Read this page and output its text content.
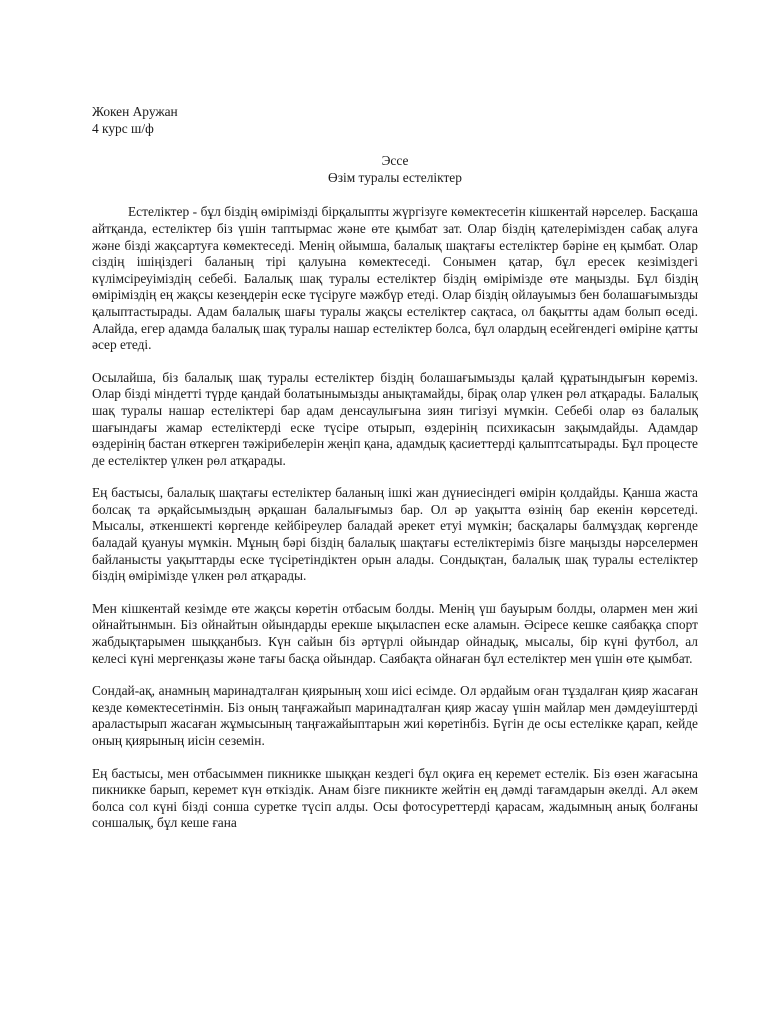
Жокен Аружан

4 курс ш/ф

Эссе

Өзім туралы естеліктер

Естеліктер - бұл біздің өмірімізді бірқалыпты жүргізуге көмектесетін кішкентай нәрселер. Басқаша айтқанда, естеліктер біз үшін таптырмас және өте қымбат зат. Олар біздің қателерімізден сабақ алуға және бізді жақсартуға көмектеседі. Менің ойымша, балалық шақтағы естеліктер бәріне ең қымбат. Олар сіздің ішіңіздегі баланың тірі қалуына көмектеседі. Сонымен қатар, бұл ересек кезіміздегі күлімсіреуіміздің себебі. Балалық шақ туралы естеліктер біздің өмірімізде өте маңызды. Бұл біздің өміріміздің ең жақсы кезеңдерін еске түсіруге мәжбүр етеді. Олар біздің ойлауымыз бен болашағымызды қалыптастырады. Адам балалық шағы туралы жақсы естеліктер сақтаса, ол бақытты адам болып өседі. Алайда, егер адамда балалық шақ туралы нашар естеліктер болса, бұл олардың есейгендегі өміріне қатты әсер етеді.

Осылайша, біз балалық шақ туралы естеліктер біздің болашағымызды қалай құратындығын көреміз. Олар бізді міндетті түрде қандай болатынымызды анықтамайды, бірақ олар үлкен рөл атқарады. Балалық шақ туралы нашар естеліктері бар адам денсаулығына зиян тигізуі мүмкін. Себебі олар өз балалық шағындағы жамар естеліктерді еске түсіре отырып, өздерінің психикасын зақымдайды. Адамдар өздерінің бастан өткерген тәжірибелерін жеңіп қана, адамдық қасиеттерді қалыптсатырады. Бұл процесте де естеліктер үлкен рөл атқарады.

Ең бастысы, балалық шақтағы естеліктер баланың ішкі жан дүниесіндегі өмірін қолдайды. Қанша жаста болсақ та әрқайсымыздың әрқашан балалығымыз бар. Ол әр уақытта өзінің бар екенін көрсетеді. Мысалы, әткеншекті көргенде кейбіреулер баладай әрекет етуі мүмкін; басқалары балмұздақ көргенде баладай қуануы мүмкін. Мұның бәрі біздің балалық шақтағы естеліктеріміз бізге маңызды нәрселермен байланысты уақыттарды еске түсіретіндіктен орын алады. Сондықтан, балалық шақ туралы естеліктер біздің өмірімізде үлкен рөл атқарады.

Мен кішкентай кезімде өте жақсы көретін отбасым болды. Менің үш бауырым болды, олармен мен жиі ойнайтынмын. Біз ойнайтын ойындарды ерекше ықыласпен еске аламын. Әсіресе кешке саябаққа спорт жабдықтарымен шыққанбыз. Күн сайын біз әртүрлі ойындар ойнадық, мысалы, бір күні футбол, ал келесі күні мергенқазы және тағы басқа ойындар. Саябақта ойнаған бұл естеліктер мен үшін өте қымбат.

Сондай-ақ, анамның маринадталған қиярының хош иісі есімде. Ол әрдайым оған тұздалған қияр жасаған кезде көмектесетінмін. Біз оның таңғажайып маринадталған қияр жасау үшін майлар мен дәмдеуіштерді араластырып жасаған жұмысының таңғажайыптарын жиі көретінбіз. Бүгін де осы естелікке қарап, кейде оның қиярының иісін сеземін.

Ең бастысы, мен отбасыммен пикникке шыққан кездегі бұл оқиға ең керемет естелік. Біз өзен жағасына пикникке барып, керемет күн өткіздік. Анам бізге пикникте жейтін ең дәмді тағамдарын әкелді. Ал әкем болса сол күні бізді сонша суретке түсіп алды. Осы фотосуреттерді қарасам, жадымның анық болғаны соншалық, бұл кеше ғана
